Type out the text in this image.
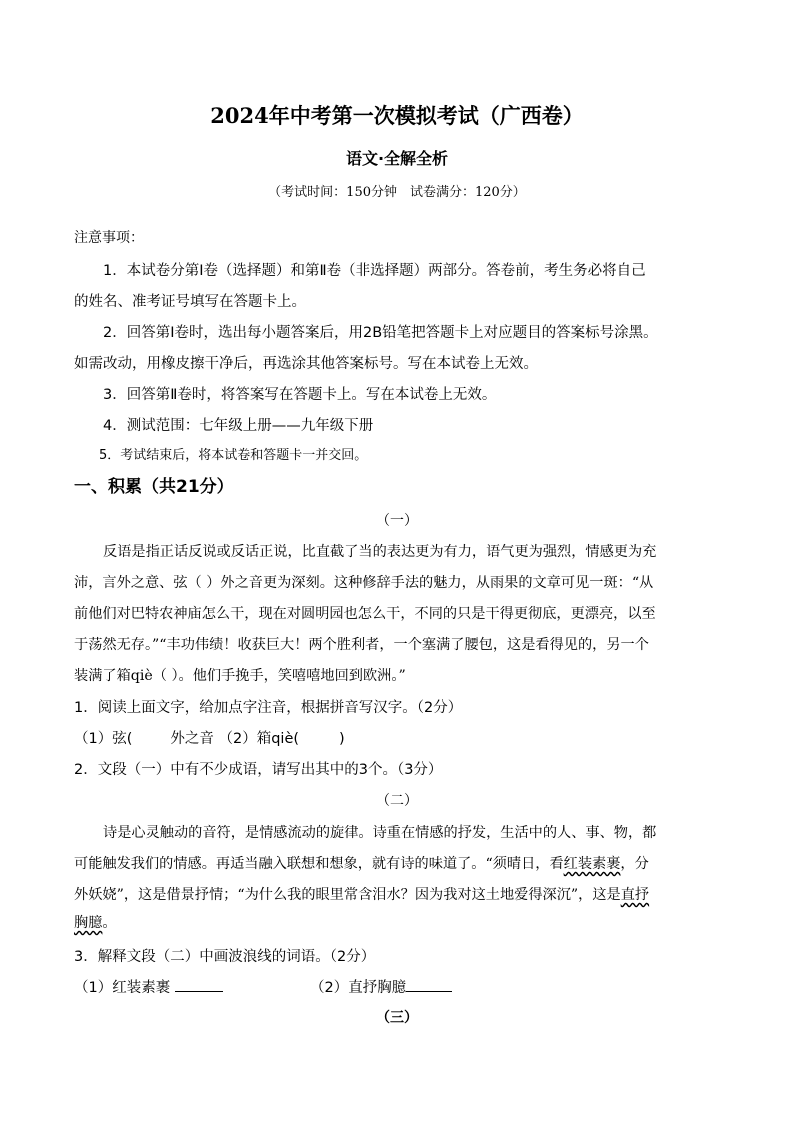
2024年中考第一次模拟考试（广西卷）
语文·全解全析
（考试时间：150分钟　试卷满分：120分）
注意事项：
1．本试卷分第Ⅰ卷（选择题）和第Ⅱ卷（非选择题）两部分。答卷前，考生务必将自己
的姓名、准考证号填写在答题卡上。
2．回答第Ⅰ卷时，选出每小题答案后，用2B铅笔把答题卡上对应题目的答案标号涂黑。
如需改动，用橡皮擦干净后，再选涂其他答案标号。写在本试卷上无效。
3．回答第Ⅱ卷时，将答案写在答题卡上。写在本试卷上无效。
4．测试范围：七年级上册——九年级下册
5．考试结束后，将本试卷和答题卡一并交回。
一、积累（共21分）
（一）
反语是指正话反说或反话正说，比直截了当的表达更为有力，语气更为强烈，情感更为充
沛，言外之意、弦（ ）外之音更为深刻。这种修辞手法的魅力，从雨果的文章可见一斑：“从
前他们对巴特农神庙怎么干，现在对圆明园也怎么干，不同的只是干得更彻底，更漂亮，以至
于荡然无存。”“丰功伟绩！收获巨大！两个胜利者，一个塞满了腰包，这是看得见的，另一个
装满了箱qiè（ ）。他们手挽手，笑嘻嘻地回到欧洲。”
1．阅读上面文字，给加点字注音，根据拼音写汉字。（2分）
（1）弦(	外之音 （2）箱qiè(	)
2．文段（一）中有不少成语，请写出其中的3个。（3分）
（二）
诗是心灵触动的音符，是情感流动的旋律。诗重在情感的抒发，生活中的人、事、物，都
可能触发我们的情感。再适当融入联想和想象，就有诗的味道了。“须晴日，看红装素裹，分
外妖娆”，这是借景抒情；“为什么我的眼里常含泪水？因为我对这土地爱得深沉”，这是直抒
胸臆。
3．解释文段（二）中画波浪线的词语。（2分）
（1）红装素裹	（2）直抒胸臆
（三）
